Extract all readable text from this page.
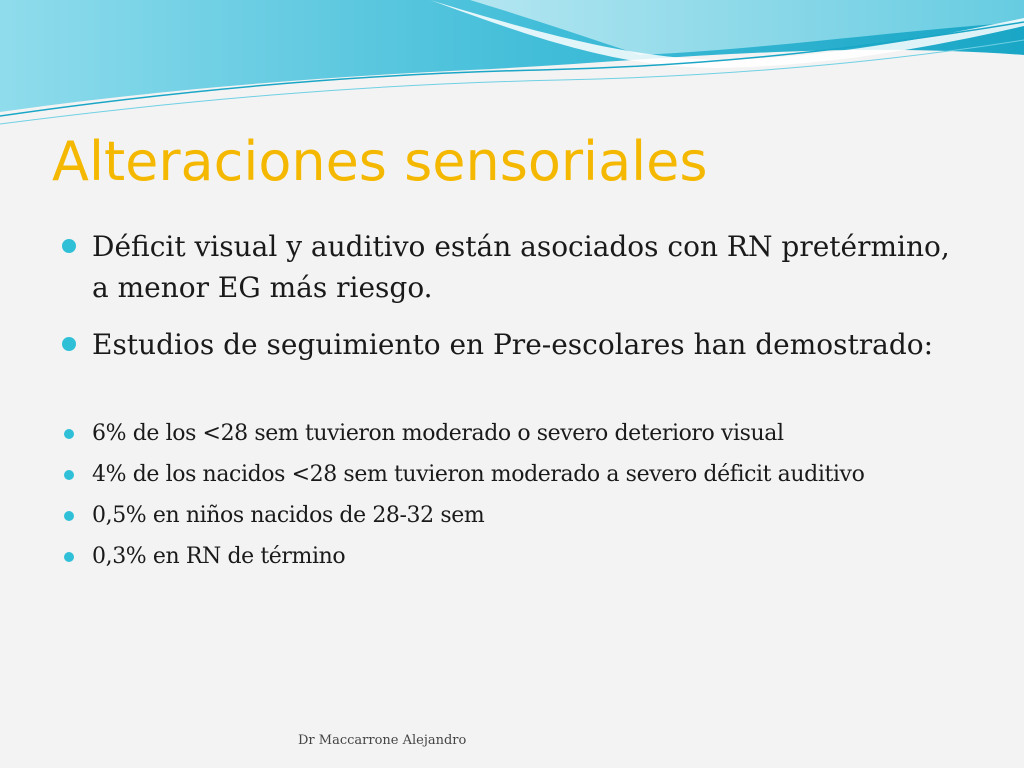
Alteraciones sensoriales
Déficit visual y auditivo están asociados con RN pretérmino, a menor EG más riesgo.
Estudios de seguimiento en Pre-escolares han demostrado:
6% de los <28 sem tuvieron moderado o severo deterioro visual
4% de los nacidos <28 sem tuvieron moderado a severo déficit auditivo
0,5% en niños nacidos de 28-32 sem
0,3% en RN de término
Dr Maccarrone Alejandro
